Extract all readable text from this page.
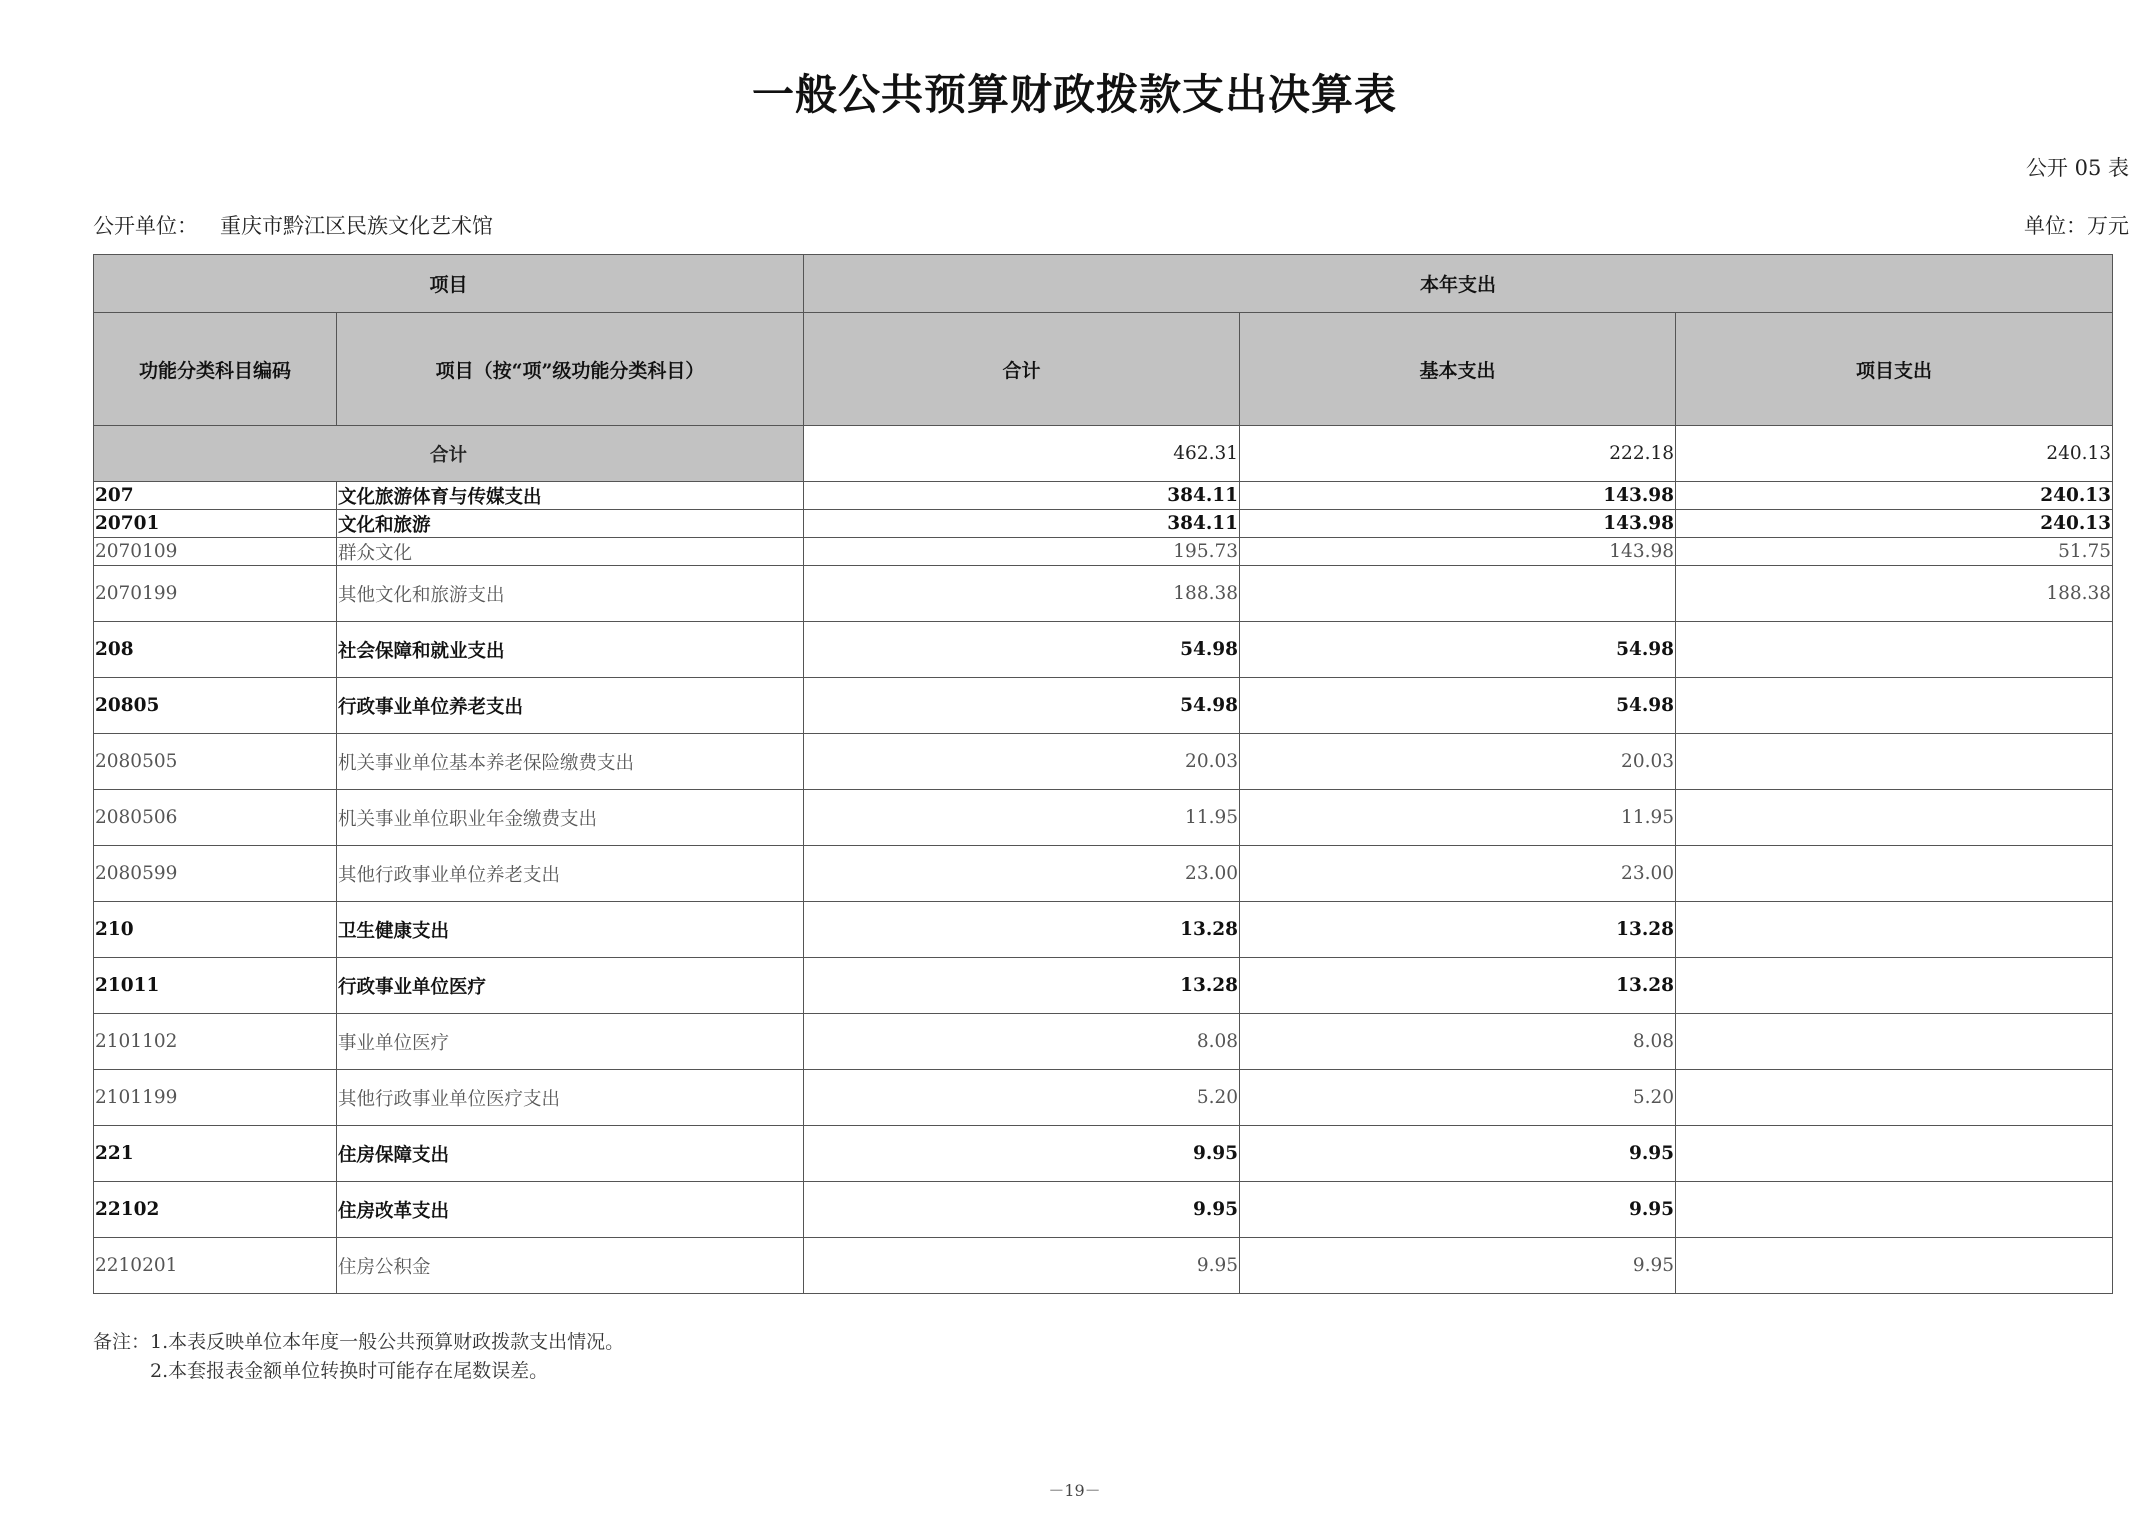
一般公共预算财政拨款支出决算表
公开 05 表
公开单位： 重庆市黔江区民族文化艺术馆	单位：万元
项目		本年支出		
功能分类科目编码	项目（按“项”级功能分类科目）	合计	基本支出	项目支出
合计		462.31	222.18	240.13
207	文化旅游体育与传媒支出	384.11	143.98	240.13
20701	文化和旅游	384.11	143.98	240.13
2070109	群众文化	195.73	143.98	51.75
2070199	其他文化和旅游支出	188.38		188.38
208	社会保障和就业支出	54.98	54.98	
20805	行政事业单位养老支出	54.98	54.98	
2080505	机关事业单位基本养老保险缴费支出	20.03	20.03	
2080506	机关事业单位职业年金缴费支出	11.95	11.95	
2080599	其他行政事业单位养老支出	23.00	23.00	
210	卫生健康支出	13.28	13.28	
21011	行政事业单位医疗	13.28	13.28	
2101102	事业单位医疗	8.08	8.08	
2101199	其他行政事业单位医疗支出	5.20	5.20	
221	住房保障支出	9.95	9.95	
22102	住房改革支出	9.95	9.95	
2210201	住房公积金	9.95	9.95	
备注：1.本表反映单位本年度一般公共预算财政拨款支出情况。
2.本套报表金额单位转换时可能存在尾数误差。
－19－
